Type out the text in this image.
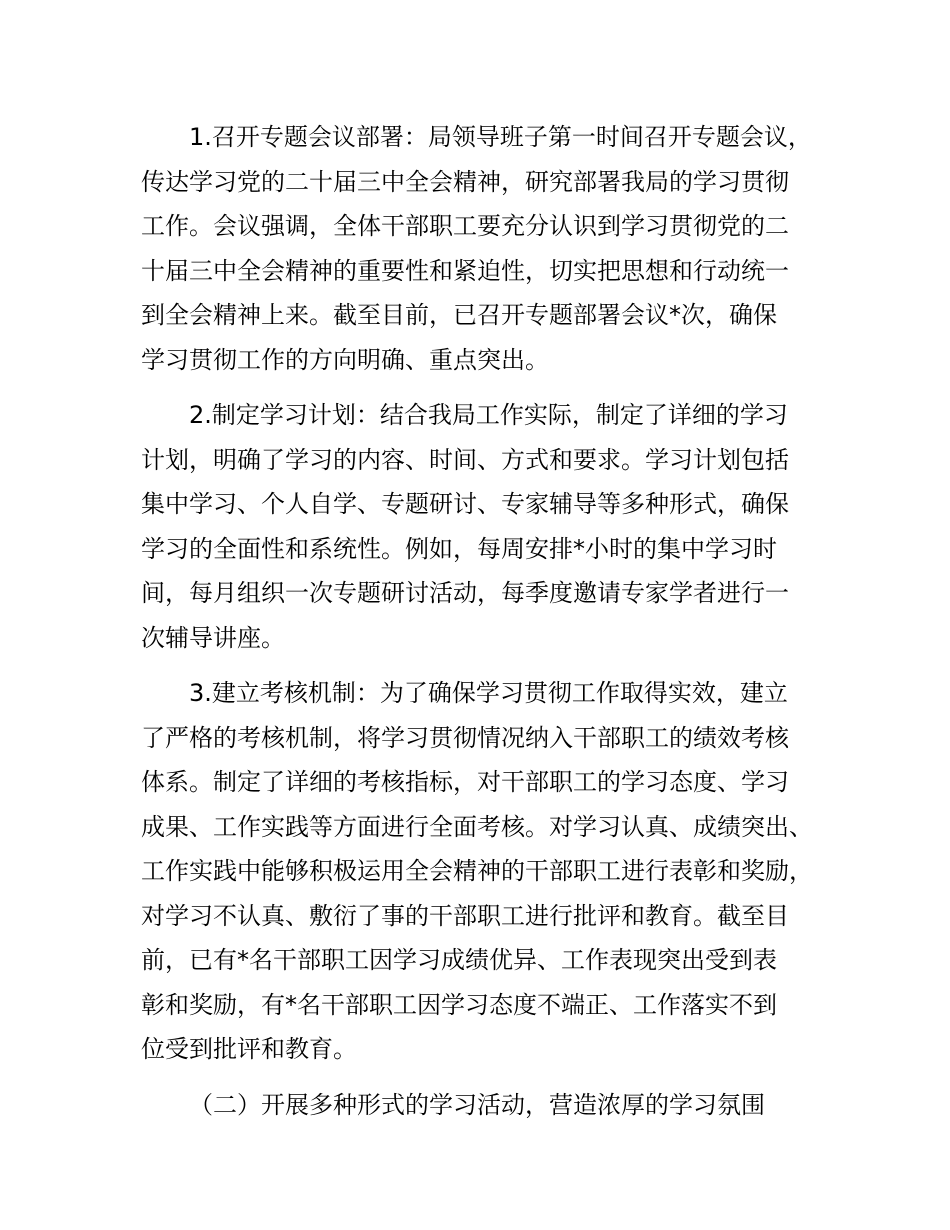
1.召开专题会议部署：局领导班子第一时间召开专题会议，
传达学习党的二十届三中全会精神，研究部署我局的学习贯彻
工作。会议强调，全体干部职工要充分认识到学习贯彻党的二
十届三中全会精神的重要性和紧迫性，切实把思想和行动统一
到全会精神上来。截至目前，已召开专题部署会议*次，确保
学习贯彻工作的方向明确、重点突出。

2.制定学习计划：结合我局工作实际，制定了详细的学习
计划，明确了学习的内容、时间、方式和要求。学习计划包括
集中学习、个人自学、专题研讨、专家辅导等多种形式，确保
学习的全面性和系统性。例如，每周安排*小时的集中学习时
间，每月组织一次专题研讨活动，每季度邀请专家学者进行一
次辅导讲座。

3.建立考核机制：为了确保学习贯彻工作取得实效，建立
了严格的考核机制，将学习贯彻情况纳入干部职工的绩效考核
体系。制定了详细的考核指标，对干部职工的学习态度、学习
成果、工作实践等方面进行全面考核。对学习认真、成绩突出、
工作实践中能够积极运用全会精神的干部职工进行表彰和奖励，
对学习不认真、敷衍了事的干部职工进行批评和教育。截至目
前，已有*名干部职工因学习成绩优异、工作表现突出受到表
彰和奖励，有*名干部职工因学习态度不端正、工作落实不到
位受到批评和教育。

（二）开展多种形式的学习活动，营造浓厚的学习氛围
